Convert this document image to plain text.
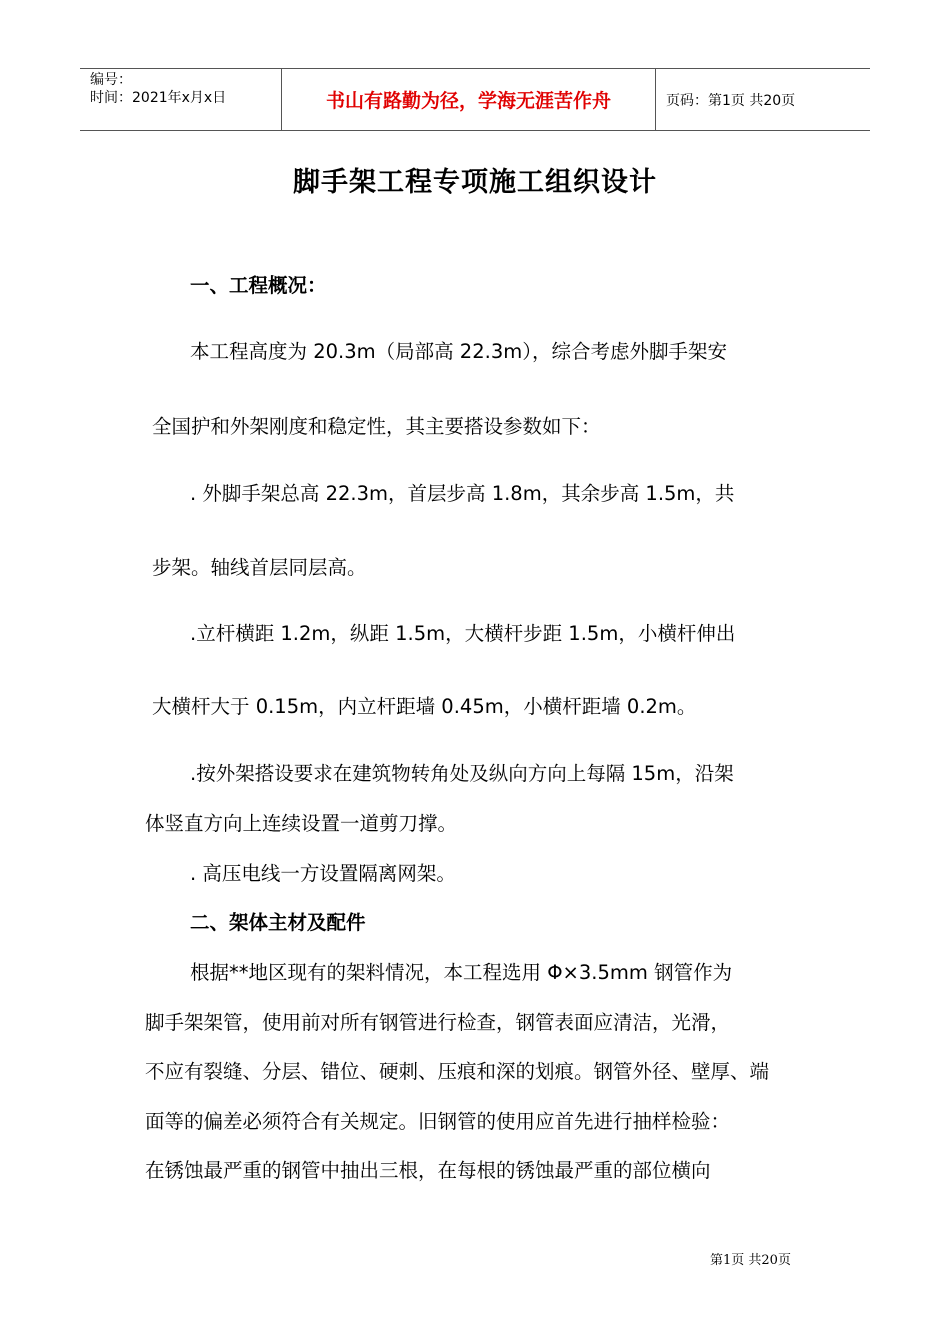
编号：
时间：2021年x月x日	书山有路勤为径，学海无涯苦作舟	页码：第1页 共20页
脚手架工程专项施工组织设计
一、工程概况：
本工程高度为 20.3m（局部高 22.3m），综合考虑外脚手架安
全国护和外架刚度和稳定性，其主要搭设参数如下：
. 外脚手架总高 22.3m，首层步高 1.8m，其余步高 1.5m，共
步架。轴线首层同层高。
.立杆横距 1.2m，纵距 1.5m，大横杆步距 1.5m，小横杆伸出
大横杆大于 0.15m，内立杆距墙 0.45m，小横杆距墙 0.2m。
.按外架搭设要求在建筑物转角处及纵向方向上每隔 15m，沿架
体竖直方向上连续设置一道剪刀撑。
. 高压电线一方设置隔离网架。
二、架体主材及配件
根据**地区现有的架料情况，本工程选用 Φ×3.5mm 钢管作为
脚手架架管，使用前对所有钢管进行检查，钢管表面应清洁，光滑，
不应有裂缝、分层、错位、硬刺、压痕和深的划痕。钢管外径、壁厚、端
面等的偏差必须符合有关规定。旧钢管的使用应首先进行抽样检验：
在锈蚀最严重的钢管中抽出三根，在每根的锈蚀最严重的部位横向
第1页 共20页
